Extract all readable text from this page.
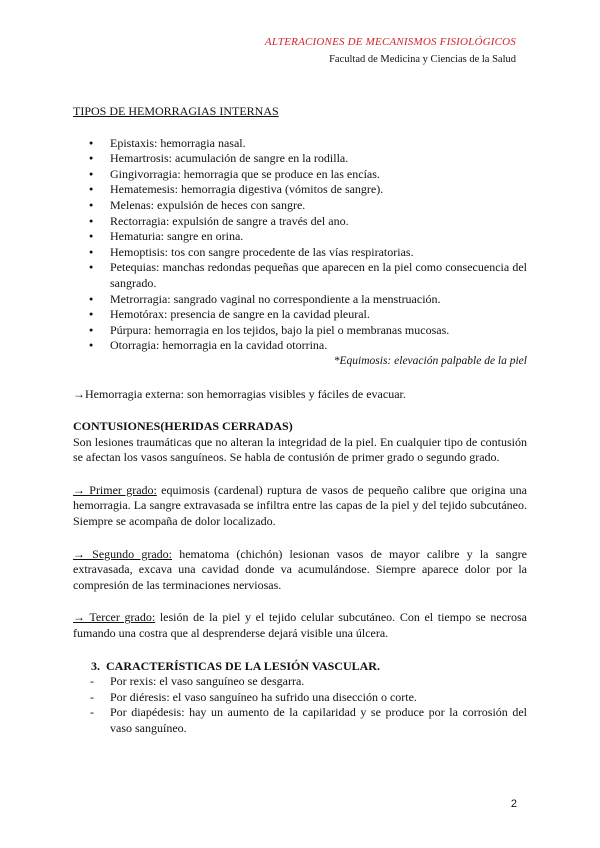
ALTERACIONES DE MECANISMOS FISIOLÓGICOS
Facultad de Medicina y Ciencias de la Salud
TIPOS DE HEMORRAGIAS INTERNAS
● Epistaxis: hemorragia nasal.
● Hemartrosis: acumulación de sangre en la rodilla.
● Gingivorragia: hemorragia que se produce en las encías.
● Hematemesis: hemorragia digestiva (vómitos de sangre).
● Melenas: expulsión de heces con sangre.
● Rectorragia: expulsión de sangre a través del ano.
● Hematuria: sangre en orina.
● Hemoptisis: tos con sangre procedente de las vías respiratorias.
● Petequias: manchas redondas pequeñas que aparecen en la piel como consecuencia del sangrado.
● Metrorragia: sangrado vaginal no correspondiente a la menstruación.
● Hemotórax: presencia de sangre en la cavidad pleural.
● Púrpura: hemorragia en los tejidos, bajo la piel o membranas mucosas.
● Otorragia: hemorragia en la cavidad otorrina.
*Equimosis: elevación palpable de la piel
→Hemorragia externa: son hemorragias visibles y fáciles de evacuar.
CONTUSIONES(HERIDAS CERRADAS)
Son lesiones traumáticas que no alteran la integridad de la piel. En cualquier tipo de contusión se afectan los vasos sanguíneos. Se habla de contusión de primer grado o segundo grado.
→ Primer grado: equimosis (cardenal) ruptura de vasos de pequeño calibre que origina una hemorragia. La sangre extravasada se infiltra entre las capas de la piel y del tejido subcutáneo. Siempre se acompaña de dolor localizado.
→ Segundo grado: hematoma (chichón) lesionan vasos de mayor calibre y la sangre extravasada, excava una cavidad donde va acumulándose. Siempre aparece dolor por la compresión de las terminaciones nerviosas.
→ Tercer grado: lesión de la piel y el tejido celular subcutáneo. Con el tiempo se necrosa fumando una costra que al desprenderse dejará visible una úlcera.
3. CARACTERÍSTICAS DE LA LESIÓN VASCULAR.
- Por rexis: el vaso sanguíneo se desgarra.
- Por diéresis: el vaso sanguíneo ha sufrido una disección o corte.
- Por diapédesis: hay un aumento de la capilaridad y se produce por la corrosión del vaso sanguíneo.
2
